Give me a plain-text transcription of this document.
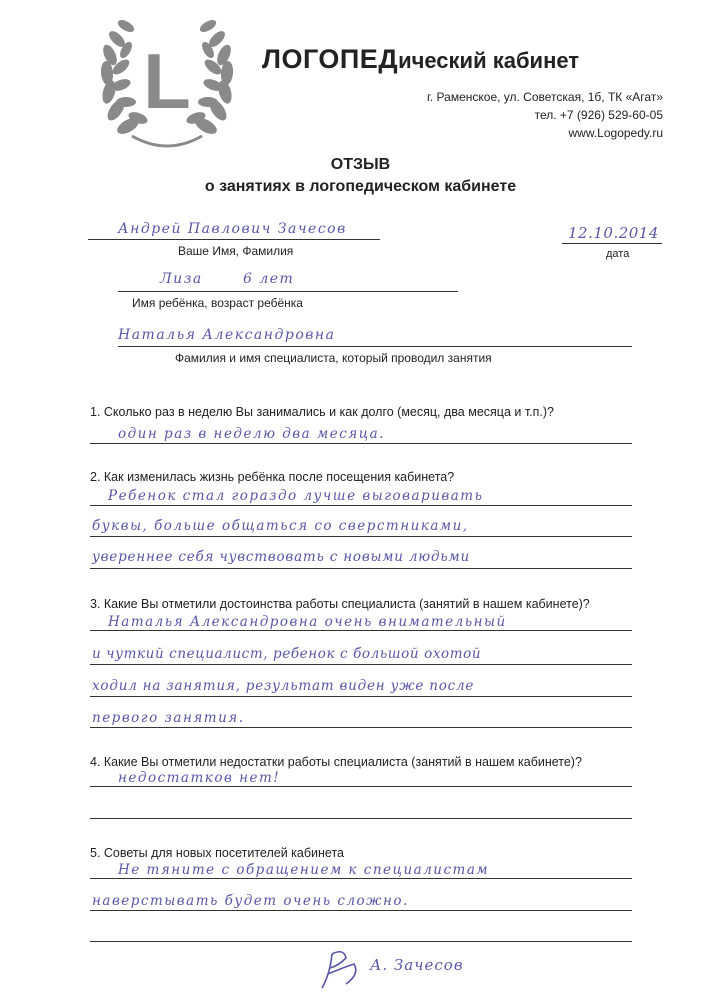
L	ЛОГОПЕДический кабинет
г. Раменское, ул. Советская, 1б, ТК «Агат»
тел. +7 (926) 529-60-05
www.Logopedy.ru
ОТЗЫВ
о занятиях в логопедическом кабинете
Андрей Павлович Зачесов
Ваше Имя, Фамилия
12.10.2014
дата
Лиза	6 лет
Имя ребёнка, возраст ребёнка
Наталья Александровна
Фамилия и имя специалиста, который проводил занятия
1. Сколько раз в неделю Вы занимались и как долго (месяц, два месяца и т.п.)?
один раз в неделю два месяца.
2. Как изменилась жизнь ребёнка после посещения кабинета?
Ребенок стал гораздо лучше выговаривать
буквы, больше общаться со сверстниками,
увереннее себя чувствовать с новыми людьми
3. Какие Вы отметили достоинства работы специалиста (занятий в нашем кабинете)?
Наталья Александровна очень внимательный
и чуткий специалист, ребенок с большой охотой
ходил на занятия, результат виден уже после
первого занятия.
4. Какие Вы отметили недостатки работы специалиста (занятий в нашем кабинете)?
недостатков нет!
5. Советы для новых посетителей кабинета
Не тяните с обращением к специалистам
наверстывать будет очень сложно.
А. Зачесов
